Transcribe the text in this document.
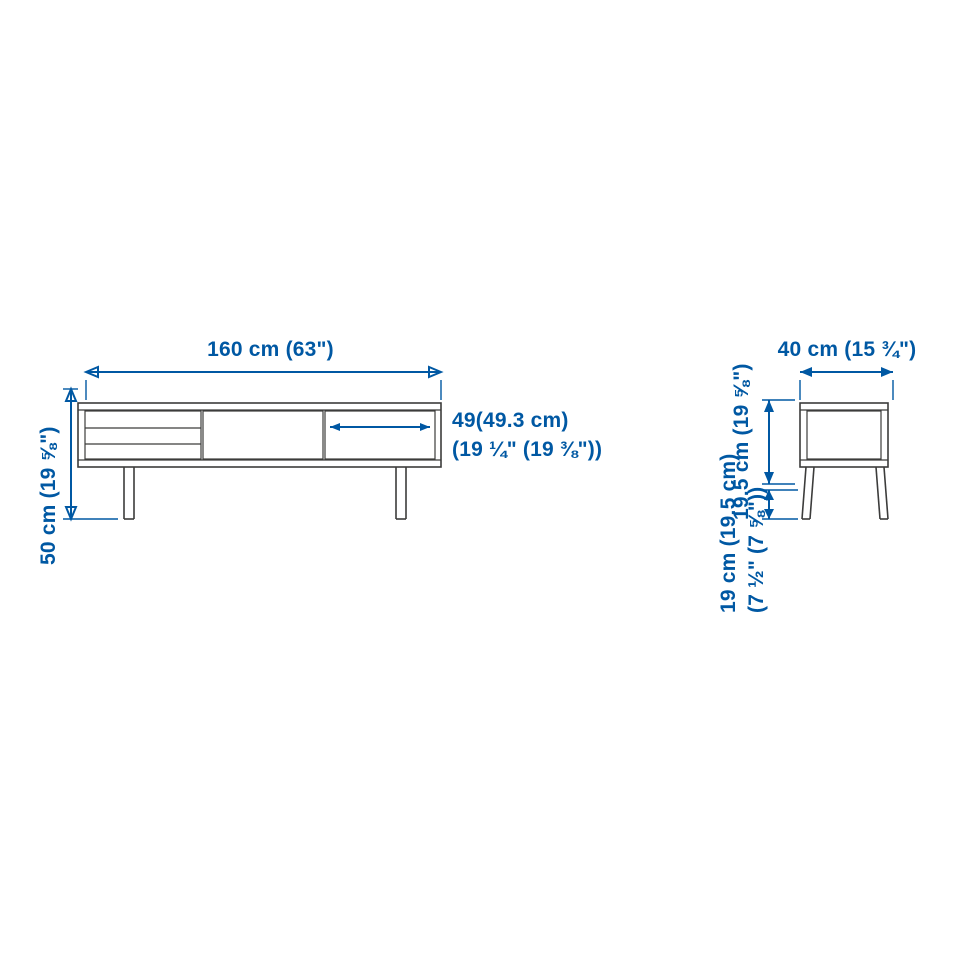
160 cm (63")
50 cm (19 ⅝")
49(49.3 cm)
(19 ¼" (19 ⅜"))
40 cm (15 ¾")
19.5 cm (19 ⅝")
19 cm (19.5 cm) (7 ½" (7 ⅝"))
